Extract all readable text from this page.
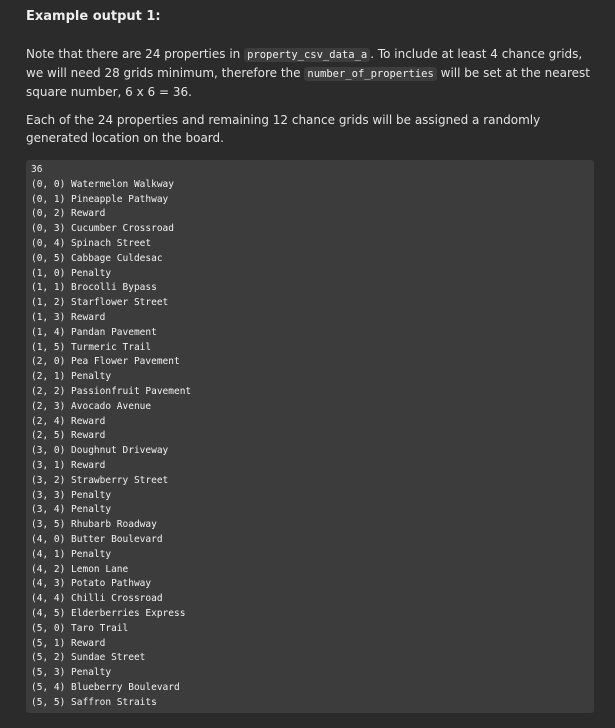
Example output 1:

Note that there are 24 properties in property_csv_data_a . To include at least 4 chance grids, we will need 28 grids minimum, therefore the number_of_properties will be set at the nearest square number, 6 x 6 = 36.

Each of the 24 properties and remaining 12 chance grids will be assigned a randomly generated location on the board.

36
(0, 0) Watermelon Walkway
(0, 1) Pineapple Pathway
(0, 2) Reward
(0, 3) Cucumber Crossroad
(0, 4) Spinach Street
(0, 5) Cabbage Culdesac
(1, 0) Penalty
(1, 1) Brocolli Bypass
(1, 2) Starflower Street
(1, 3) Reward
(1, 4) Pandan Pavement
(1, 5) Turmeric Trail
(2, 0) Pea Flower Pavement
(2, 1) Penalty
(2, 2) Passionfruit Pavement
(2, 3) Avocado Avenue
(2, 4) Reward
(2, 5) Reward
(3, 0) Doughnut Driveway
(3, 1) Reward
(3, 2) Strawberry Street
(3, 3) Penalty
(3, 4) Penalty
(3, 5) Rhubarb Roadway
(4, 0) Butter Boulevard
(4, 1) Penalty
(4, 2) Lemon Lane
(4, 3) Potato Pathway
(4, 4) Chilli Crossroad
(4, 5) Elderberries Express
(5, 0) Taro Trail
(5, 1) Reward
(5, 2) Sundae Street
(5, 3) Penalty
(5, 4) Blueberry Boulevard
(5, 5) Saffron Straits
